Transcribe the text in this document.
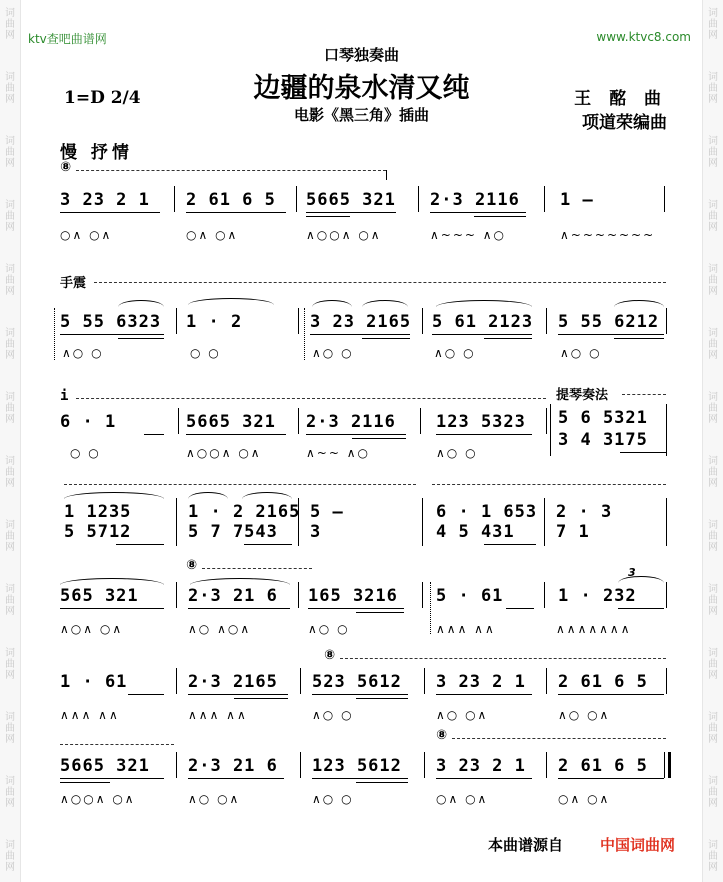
词
曲
网
词
曲
网
词
曲
网
词
曲
网
词
曲
网
词
曲
网
词
曲
网
词
曲
网
词
曲
网
词
曲
网
词
曲
网
词
曲
网
词
曲
网
词
曲
网
词
曲
网
词
曲
网
词
曲
网
词
曲
网
词
曲
网
词
曲
网
词
曲
网
词
曲
网
词
曲
网
词
曲
网
词
曲
网
词
曲
网
词
曲
网
词
曲
网
ktv查吧曲谱网	www.ktvc8.com
口琴独奏曲
边疆的泉水清又纯
电影《黑三角》插曲
1=D 2/4	王 酩 曲
项道荣编曲
慢 抒情
⑧
3 23 2 1 2 61 6 5 5665 321 2·3 2116 1 —
○∧ ○∧	○∧ ○∧	∧○○∧ ○∧	∧~~~ ∧○	∧~~~~~~~
手震
5 55 6323 1 · 2	3 23 2165 5 61 2123 5 55 6212
∧○ ○	○ ○	∧○ ○	∧○ ○	∧○ ○
i	提琴奏法
6 · 1	5665 321 2·3 2116 123 5323 5 6 5321
3 4 3175
○ ○	∧○○∧ ○∧	∧~~ ∧○	∧○ ○
1 1235	1 · 2 2165 5 —	6 · 1 653 2 · 3
5 5712	5 7 7543 3	4 5 431 7 1
⑧	3
565 321	2·3 21 6 165 3216 5 · 61	1 · 232
∧○∧ ○∧	∧○ ∧○∧	∧○ ○	∧∧∧ ∧∧	∧∧∧∧∧∧∧
⑧
1 · 61	2·3 2165 523 5612 3 23 2 1 2 61 6 5
∧∧∧ ∧∧	∧∧∧ ∧∧	∧○ ○	∧○ ○∧	∧○ ○∧
⑧
5665 321 2·3 21 6 123 5612 3 23 2 1 2 61 6 5
∧○○∧ ○∧	∧○ ○∧	∧○ ○	○∧ ○∧	○∧ ○∧
本曲谱源自 中国词曲网
